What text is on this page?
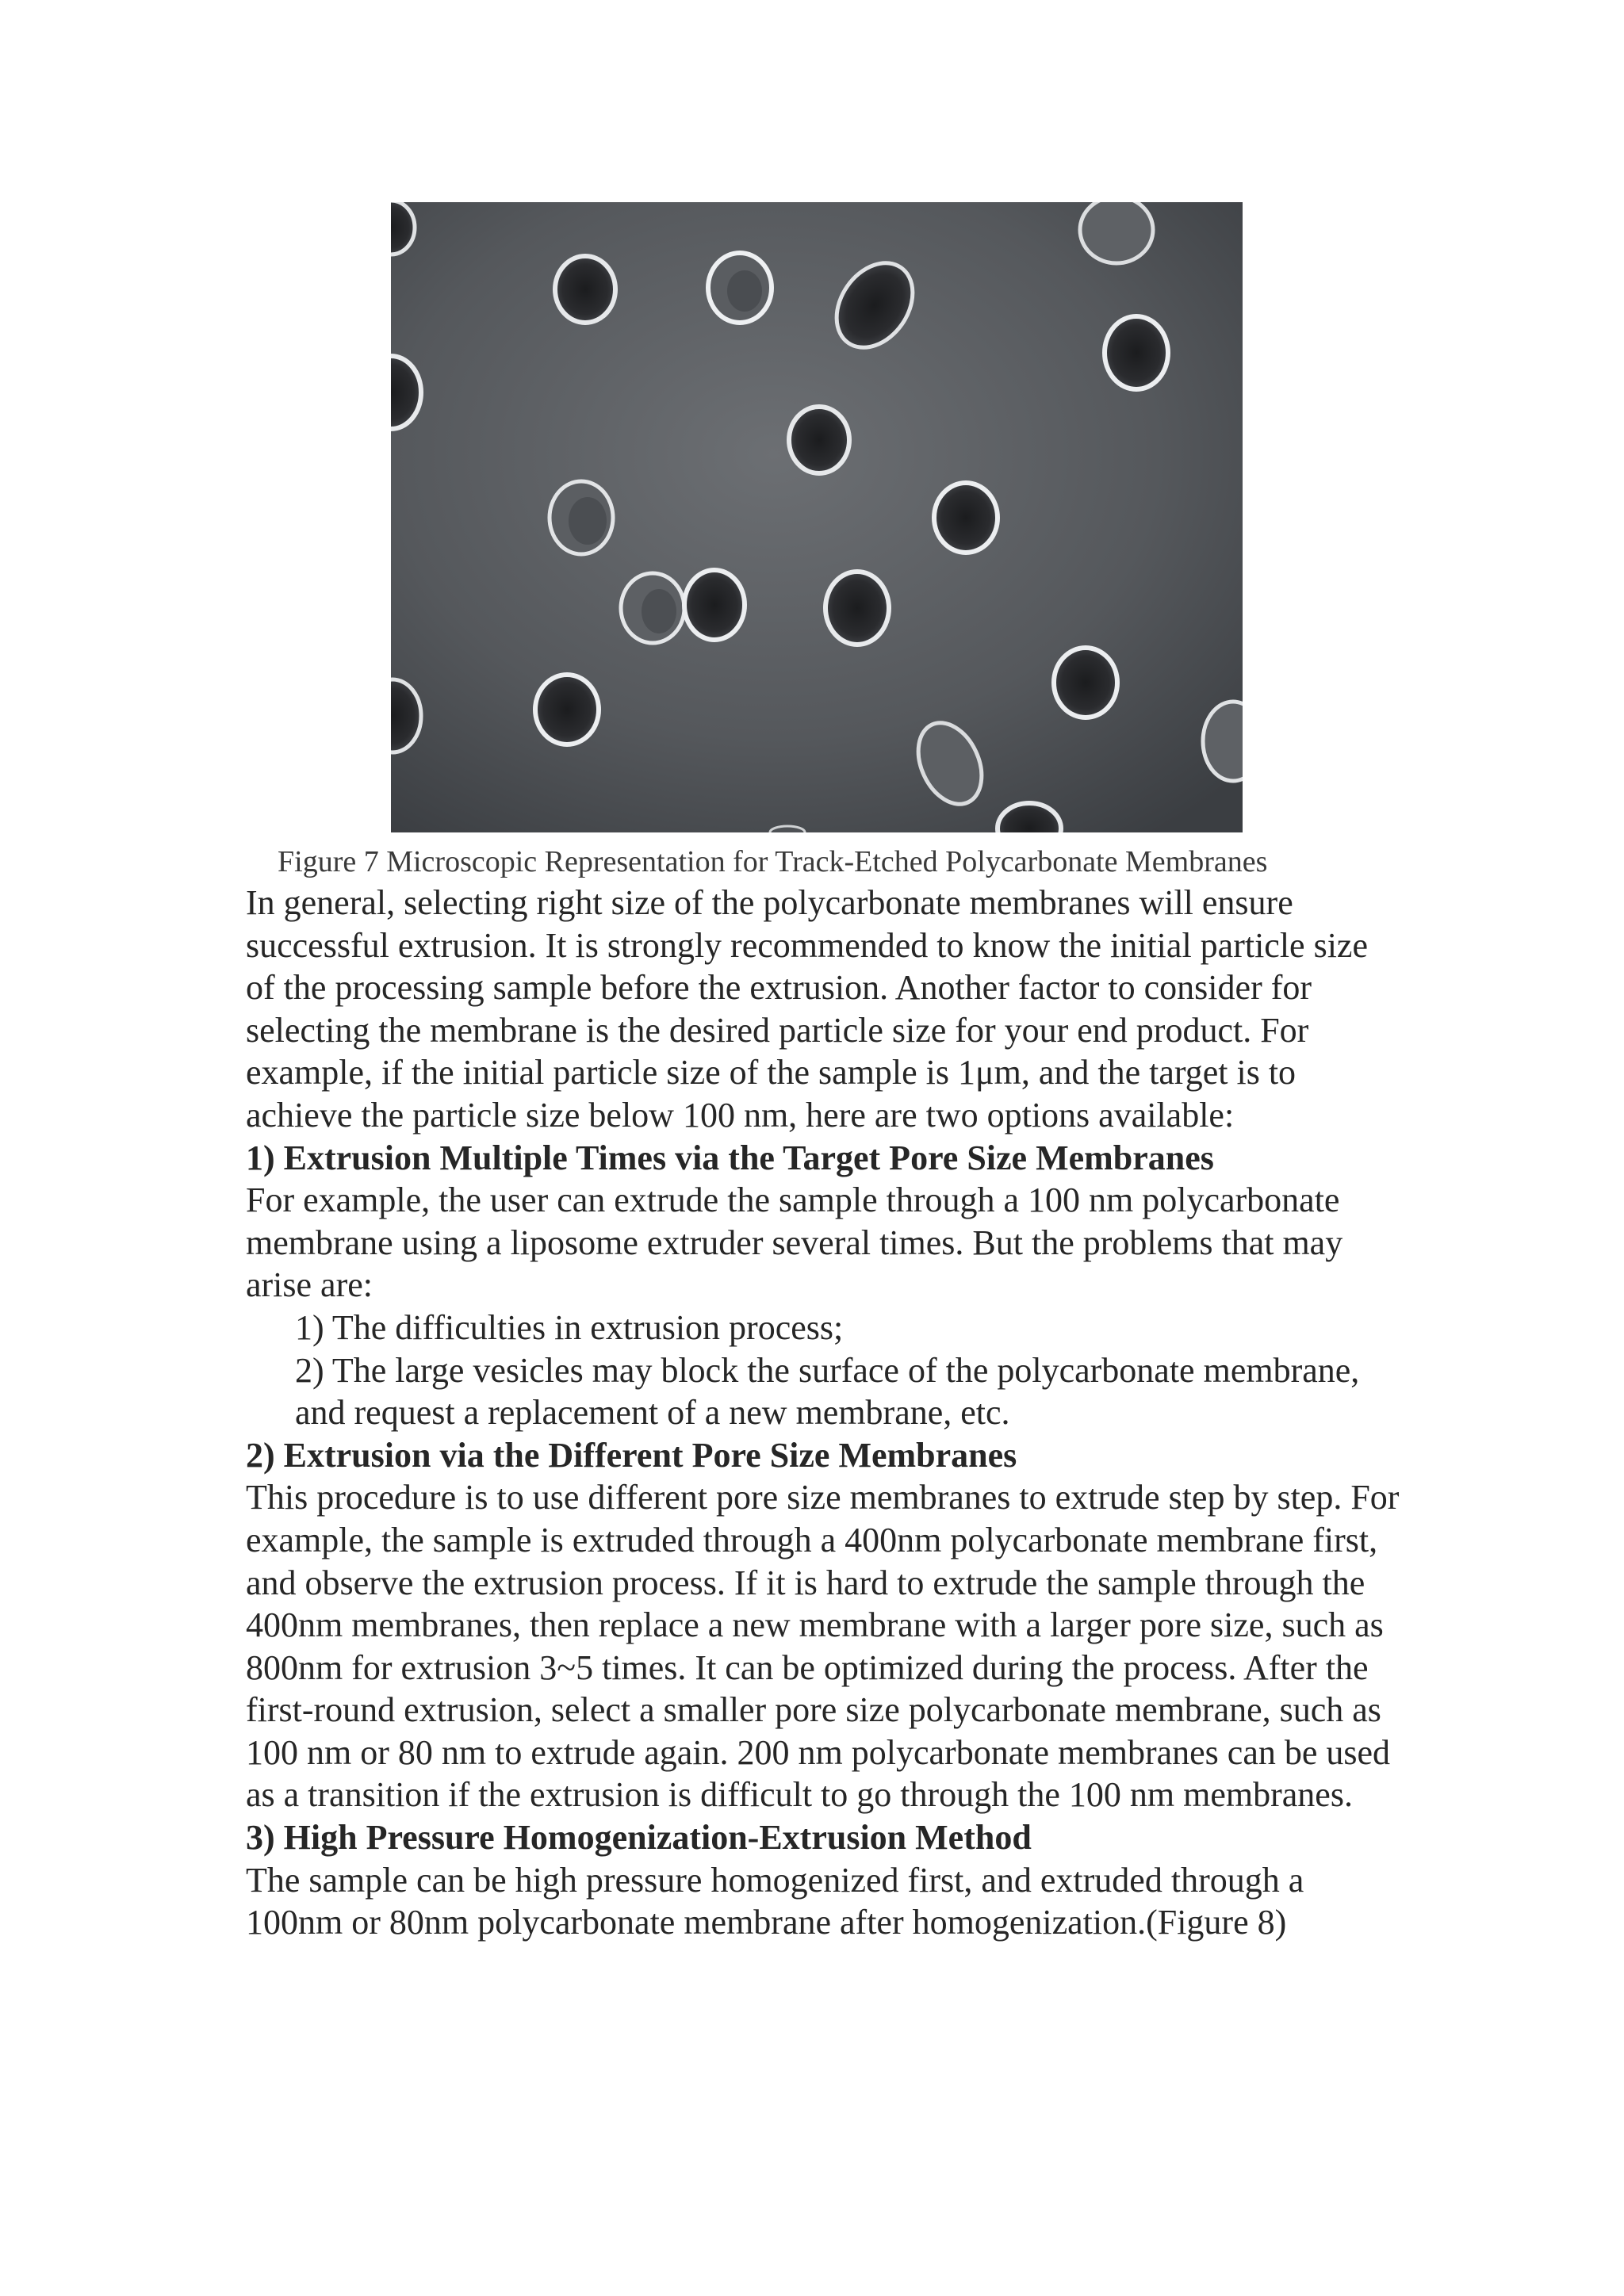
Figure 7 Microscopic Representation for Track-Etched Polycarbonate Membranes

In general, selecting right size of the polycarbonate membranes will ensure successful extrusion. It is strongly recommended to know the initial particle size of the processing sample before the extrusion. Another factor to consider for selecting the membrane is the desired particle size for your end product. For example, if the initial particle size of the sample is 1μm, and the target is to achieve the particle size below 100 nm, here are two options available:

1) Extrusion Multiple Times via the Target Pore Size Membranes

For example, the user can extrude the sample through a 100 nm polycarbonate membrane using a liposome extruder several times. But the problems that may arise are:

1) The difficulties in extrusion process;

2) The large vesicles may block the surface of the polycarbonate membrane, and request a replacement of a new membrane, etc.

2) Extrusion via the Different Pore Size Membranes

This procedure is to use different pore size membranes to extrude step by step. For example, the sample is extruded through a 400nm polycarbonate membrane first, and observe the extrusion process. If it is hard to extrude the sample through the 400nm membranes, then replace a new membrane with a larger pore size, such as 800nm for extrusion 3~5 times. It can be optimized during the process. After the first-round extrusion, select a smaller pore size polycarbonate membrane, such as 100 nm or 80 nm to extrude again. 200 nm polycarbonate membranes can be used as a transition if the extrusion is difficult to go through the 100 nm membranes.

3) High Pressure Homogenization-Extrusion Method

The sample can be high pressure homogenized first, and extruded through a 100nm or 80nm polycarbonate membrane after homogenization.(Figure 8)
